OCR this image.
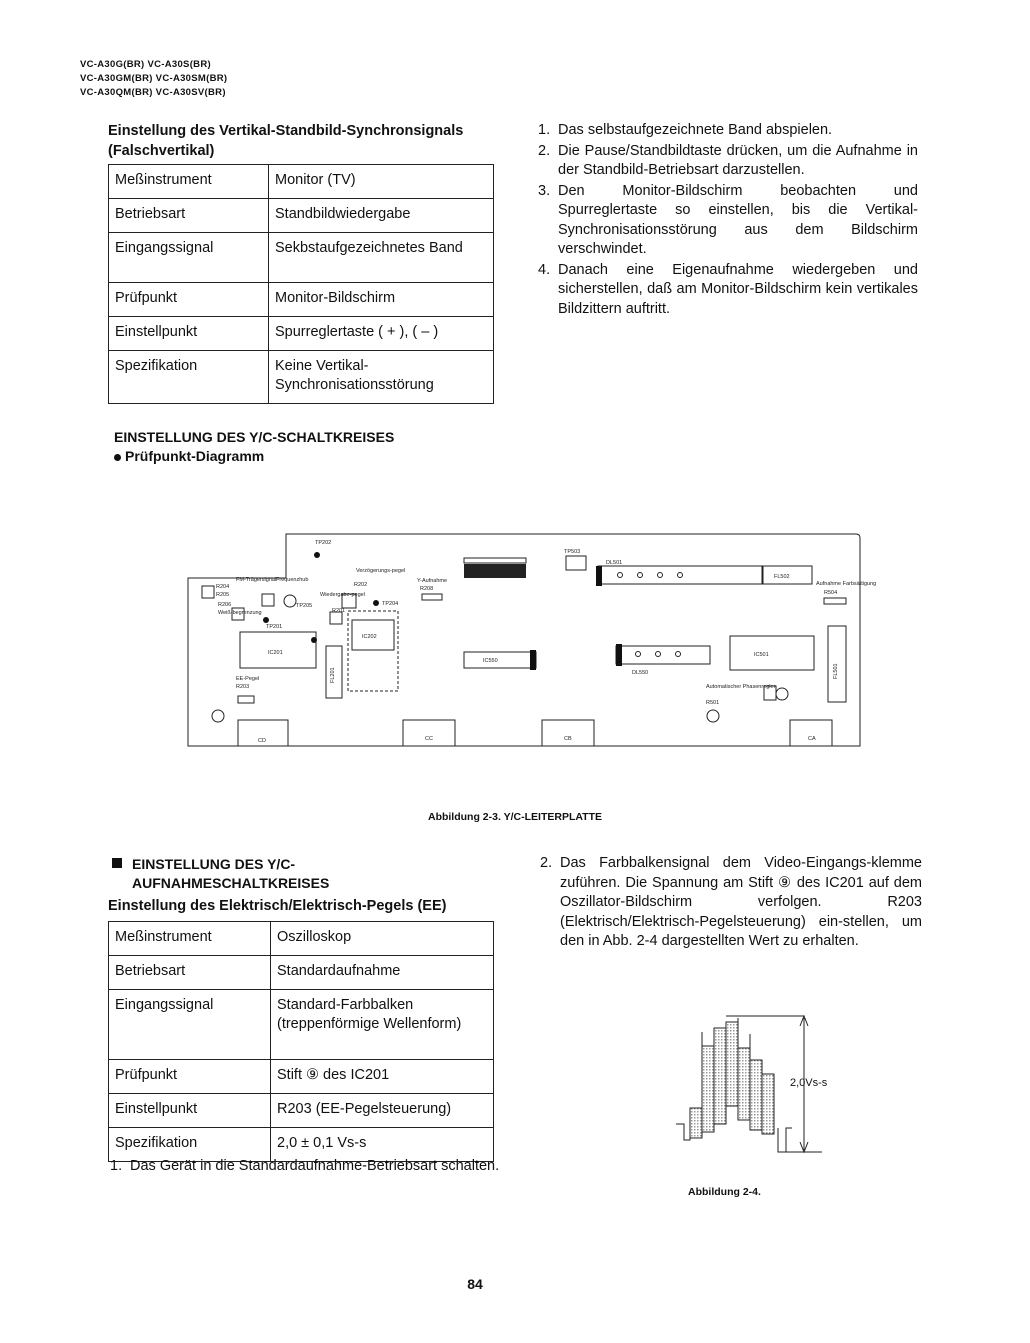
VC-A30G(BR) VC-A30S(BR)
VC-A30GM(BR) VC-A30SM(BR)
VC-A30QM(BR) VC-A30SV(BR)
Einstellung des Vertikal-Standbild-Synchronsignals
(Falschvertikal)
Meßinstrument	Monitor (TV)
Betriebsart	Standbildwiedergabe
Eingangssignal	Sekbstaufgezeichnetes Band
Prüfpunkt	Monitor-Bildschirm
Einstellpunkt	Spurreglertaste ( + ), ( – )
Spezifikation	Keine Vertikal-Synchronisationsstörung
1. Das selbstaufgezeichnete Band abspielen.
2. Die Pause/Standbildtaste drücken, um die Aufnahme in der Standbild-Betriebsart darzustellen.
3. Den Monitor-Bildschirm beobachten und Spurreglertaste so einstellen, bis die Vertikal-Synchronisationsstörung aus dem Bildschirm verschwindet.
4. Danach eine Eigenaufnahme wiedergeben und sicherstellen, daß am Monitor-Bildschirm kein vertikales Bildzittern auftritt.
EINSTELLUNG DES Y/C-SCHALTKREISES
Prüfpunkt-Diagramm
TP202
FM-Trägersignal Frequenzhub
R204
R205
R206
Weiß-begrenzung
TP201
Verzögerungs-pegel
R202
Y-Aufnahme
R208
Wiedergabe-pegel
TP204
TP205
R201
IC201
IC202
FL201
EE-Pegel
R203
IC550
TP503
DL501
FL502
Aufnahme Farbsättigung
R504
IC501
DL550	FL501
Automatischer Phasenregler
R501
CD	CC	CB	CA
Abbildung 2-3. Y/C-LEITERPLATTE
EINSTELLUNG DES Y/C-
AUFNAHMESCHALTKREISES
Einstellung des Elektrisch/Elektrisch-Pegels (EE)
Meßinstrument	Oszilloskop
Betriebsart	Standardaufnahme
Eingangssignal	Standard-Farbbalken (treppenförmige Wellenform)
Prüfpunkt	Stift ⑨ des IC201
Einstellpunkt	R203 (EE-Pegelsteuerung)
Spezifikation	2,0 ± 0,1 Vs-s
1. Das Gerät in die Standardaufnahme-Betriebsart schalten.
2. Das Farbbalkensignal dem Video-Eingangs-klemme zuführen. Die Spannung am Stift ⑨ des IC201 auf dem Oszillator-Bildschirm verfolgen. R203 (Elektrisch/Elektrisch-Pegelsteuerung) ein-stellen, um den in Abb. 2-4 dargestellten Wert zu erhalten.
2,0Vs-s
Abbildung 2-4.
84
